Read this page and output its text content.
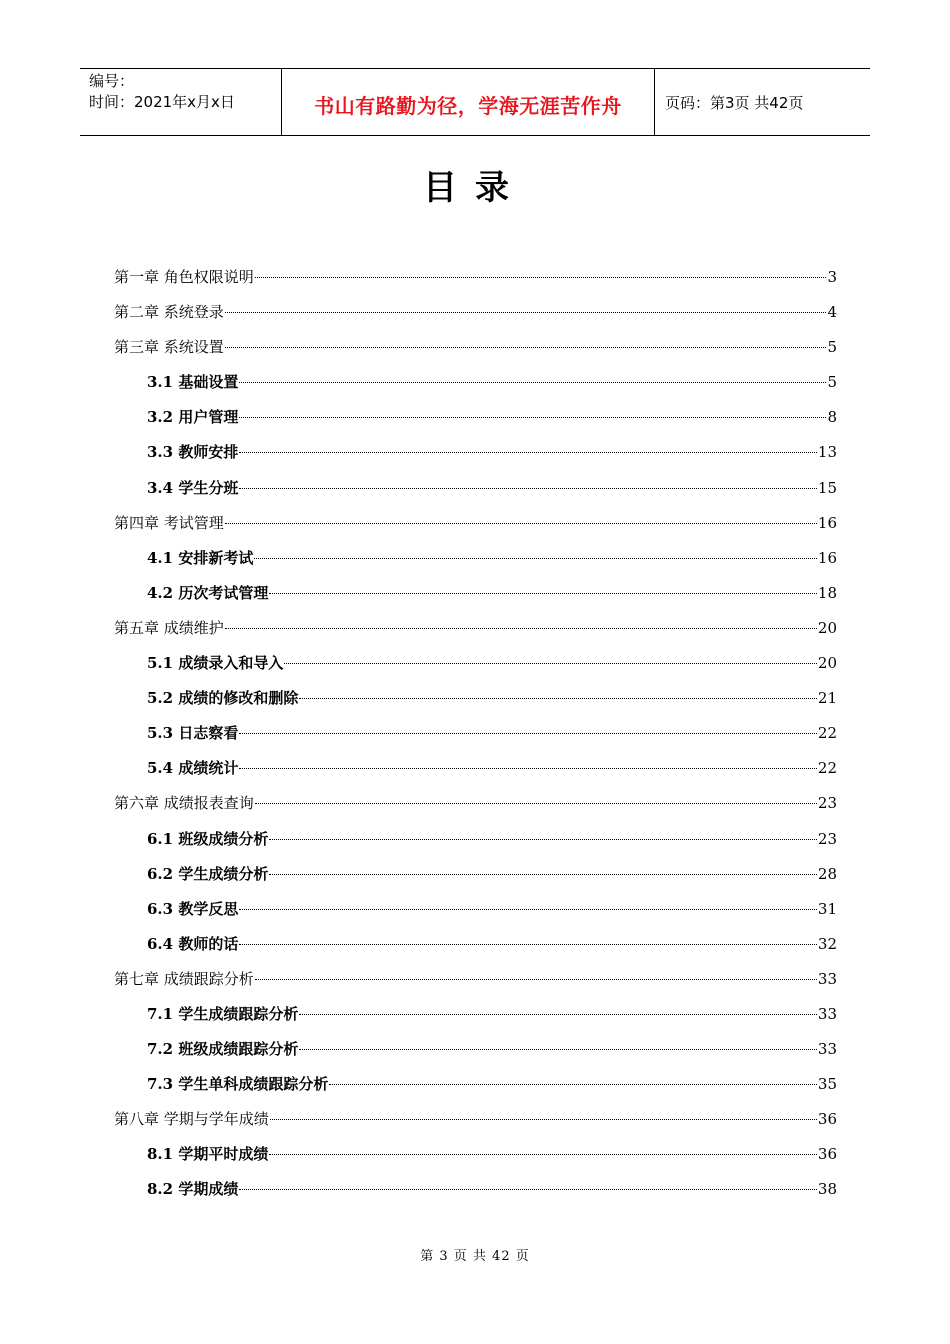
编号：
时间：2021年x月x日	书山有路勤为径，学海无涯苦作舟	页码：第3页 共42页
目录
第一章 角色权限说明	3
第二章 系统登录	4
第三章 系统设置	5
3.1 基础设置	5
3.2 用户管理	8
3.3 教师安排	13
3.4 学生分班	15
第四章 考试管理	16
4.1 安排新考试	16
4.2 历次考试管理	18
第五章 成绩维护	20
5.1 成绩录入和导入	20
5.2 成绩的修改和删除	21
5.3 日志察看	22
5.4 成绩统计	22
第六章 成绩报表查询	23
6.1 班级成绩分析	23
6.2 学生成绩分析	28
6.3 教学反思	31
6.4 教师的话	32
第七章 成绩跟踪分析	33
7.1 学生成绩跟踪分析	33
7.2 班级成绩跟踪分析	33
7.3 学生单科成绩跟踪分析	35
第八章 学期与学年成绩	36
8.1 学期平时成绩	36
8.2 学期成绩	38
第 3 页 共 42 页
